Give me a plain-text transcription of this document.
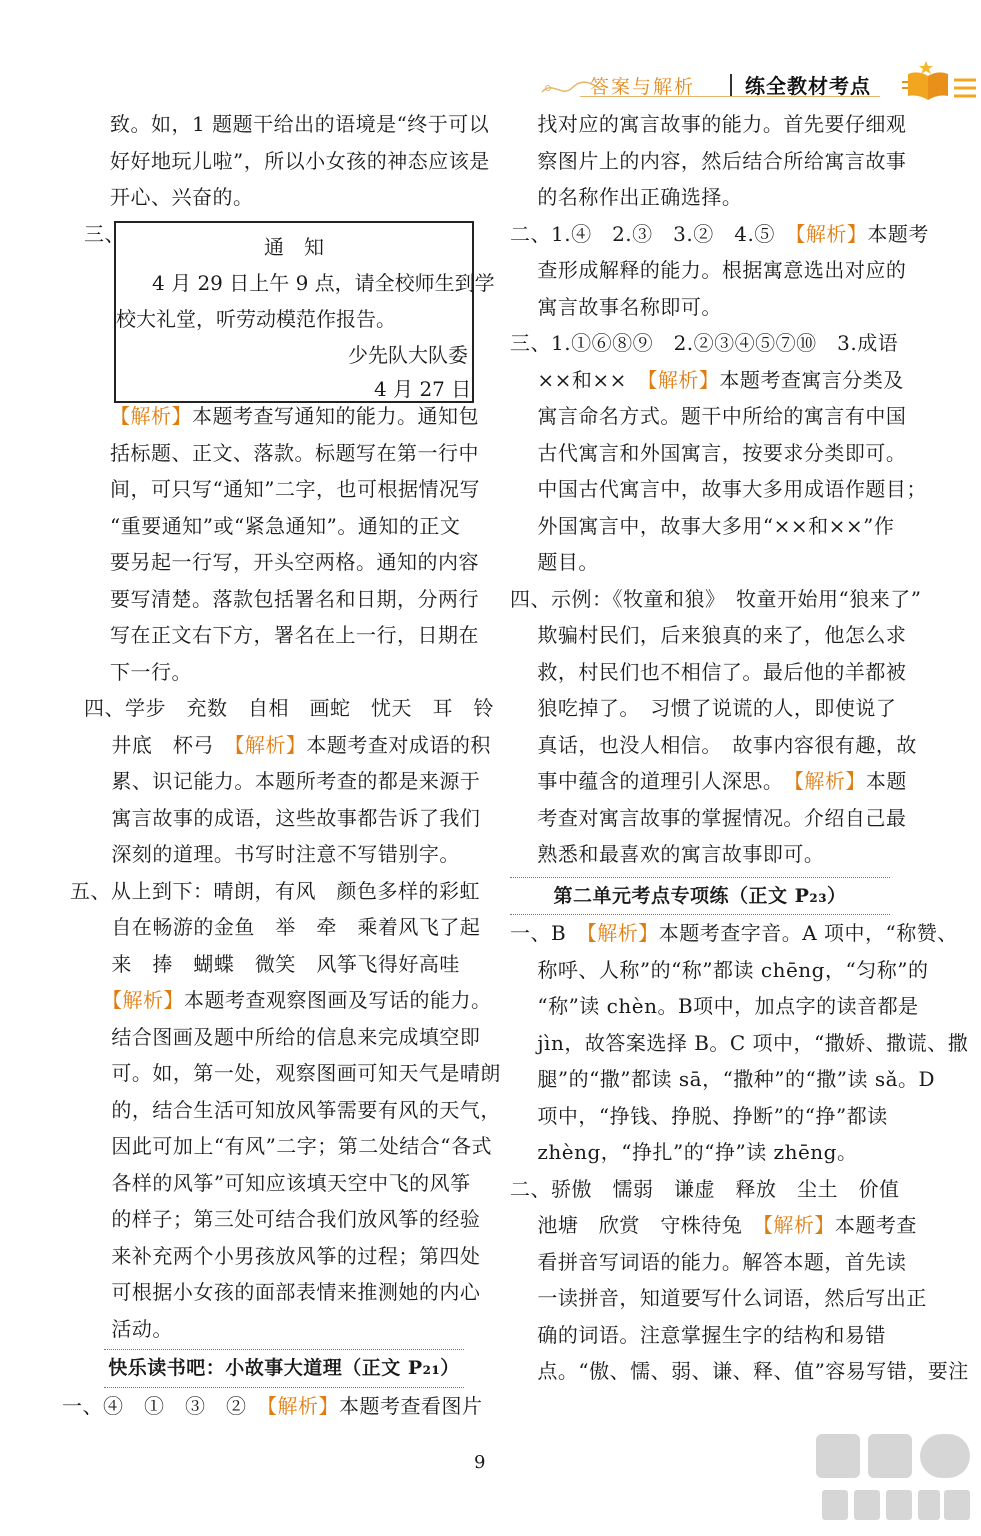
答案与解析 练全教材考点
致。如，1 题题干给出的语境是“终于可以
好好地玩儿啦”，所以小女孩的神态应该是
开心、兴奋的。
三、
【解析】本题考查写通知的能力。通知包
括标题、正文、落款。标题写在第一行中
间，可只写“通知”二字，也可根据情况写
“重要通知”或“紧急通知”。通知的正文
要另起一行写，开头空两格。通知的内容
要写清楚。落款包括署名和日期，分两行
写在正文右下方，署名在上一行，日期在
下一行。
四、学步　充数　自相　画蛇　忧天　耳　铃
　 井底　杯弓　【解析】本题考查对成语的积
　 累、识记能力。本题所考查的都是来源于
　 寓言故事的成语，这些故事都告诉了我们
　 深刻的道理。书写时注意不写错别字。
五、从上到下：晴朗，有风　颜色多样的彩虹
　 自在畅游的金鱼　举　牵　乘着风飞了起
　 来　捧　蝴蝶　微笑　风筝飞得好高哇
【解析】本题考查观察图画及写话的能力。
　 结合图画及题中所给的信息来完成填空即
　 可。如，第一处，观察图画可知天气是晴朗
　 的，结合生活可知放风筝需要有风的天气，
　 因此可加上“有风”二字；第二处结合“各式
　 各样的风筝”可知应该填天空中飞的风筝
　 的样子；第三处可结合我们放风筝的经验
　 来补充两个小男孩放风筝的过程；第四处
　 可根据小女孩的面部表情来推测她的内心
　 活动。
快乐读书吧：小故事大道理（正文 P₂₁）
一、④　①　③　②　【解析】本题考查看图片
通　知
4 月 29 日上午 9 点，请全校师生到学
校大礼堂，听劳动模范作报告。
少先队大队委
4 月 27 日
　 找对应的寓言故事的能力。首先要仔细观
　 察图片上的内容，然后结合所给寓言故事
　 的名称作出正确选择。
二、1.④　2.③　3.②　4.⑤　【解析】本题考
　 查形成解释的能力。根据寓意选出对应的
　 寓言故事名称即可。
三、1.①⑥⑧⑨　2.②③④⑤⑦⑩　3.成语
　 ××和××　【解析】本题考查寓言分类及
　 寓言命名方式。题干中所给的寓言有中国
　 古代寓言和外国寓言，按要求分类即可。
　 中国古代寓言中，故事大多用成语作题目；
　 外国寓言中，故事大多用“××和××”作
　 题目。
四、示例：《牧童和狼》　牧童开始用“狼来了”
　 欺骗村民们，后来狼真的来了，他怎么求
　 救，村民们也不相信了。最后他的羊都被
　 狼吃掉了。　习惯了说谎的人，即使说了
　 真话，也没人相信。　故事内容很有趣，故
　 事中蕴含的道理引人深思。　【解析】本题
　 考查对寓言故事的掌握情况。介绍自己最
　 熟悉和最喜欢的寓言故事即可。
第二单元考点专项练（正文 P₂₃）
一、B　【解析】本题考查字音。A 项中，“称赞、
　 称呼、人称”的“称”都读 chēng，“匀称”的
　 “称”读 chèn。B项中，加点字的读音都是
　 jìn，故答案选择 B。C 项中，“撒娇、撒谎、撒
　 腿”的“撒”都读 sā，“撒种”的“撒”读 sǎ。D
　 项中，“挣钱、挣脱、挣断”的“挣”都读
　 zhèng，“挣扎”的“挣”读 zhēng。
二、骄傲　懦弱　谦虚　释放　尘土　价值
　 池塘　欣赏　守株待兔　【解析】本题考查
　 看拼音写词语的能力。解答本题，首先读
　 一读拼音，知道要写什么词语，然后写出正
　 确的词语。注意掌握生字的结构和易错
　 点。“傲、懦、弱、谦、释、值”容易写错，要注
9
